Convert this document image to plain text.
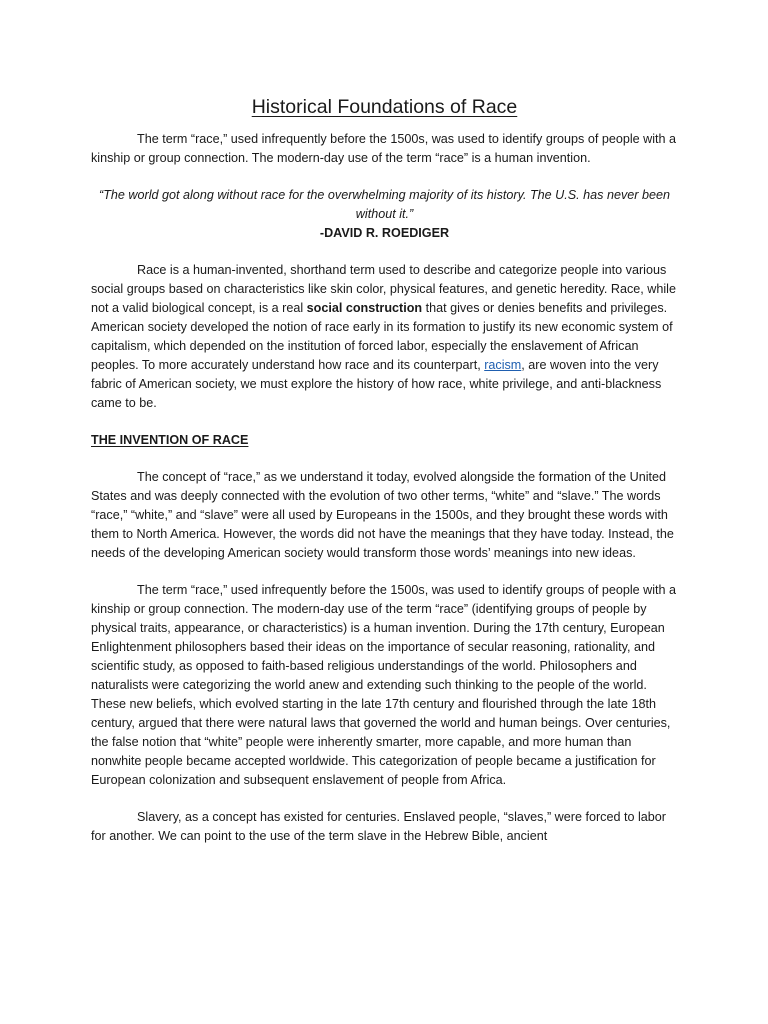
Historical Foundations of Race

The term “race,” used infrequently before the 1500s, was used to identify groups of people with a kinship or group connection. The modern-day use of the term “race” is a human invention.

“The world got along without race for the overwhelming majority of its history. The U.S. has never been without it.”

-DAVID R. ROEDIGER

Race is a human-invented, shorthand term used to describe and categorize people into various social groups based on characteristics like skin color, physical features, and genetic heredity. Race, while not a valid biological concept, is a real social construction that gives or denies benefits and privileges. American society developed the notion of race early in its formation to justify its new economic system of capitalism, which depended on the institution of forced labor, especially the enslavement of African peoples. To more accurately understand how race and its counterpart, racism, are woven into the very fabric of American society, we must explore the history of how race, white privilege, and anti-blackness came to be.

THE INVENTION OF RACE

The concept of “race,” as we understand it today, evolved alongside the formation of the United States and was deeply connected with the evolution of two other terms, “white” and “slave.” The words “race,” “white,” and “slave” were all used by Europeans in the 1500s, and they brought these words with them to North America. However, the words did not have the meanings that they have today. Instead, the needs of the developing American society would transform those words’ meanings into new ideas.

The term “race,” used infrequently before the 1500s, was used to identify groups of people with a kinship or group connection. The modern-day use of the term “race” (identifying groups of people by physical traits, appearance, or characteristics) is a human invention. During the 17th century, European Enlightenment philosophers based their ideas on the importance of secular reasoning, rationality, and scientific study, as opposed to faith-based religious understandings of the world. Philosophers and naturalists were categorizing the world anew and extending such thinking to the people of the world. These new beliefs, which evolved starting in the late 17th century and flourished through the late 18th century, argued that there were natural laws that governed the world and human beings. Over centuries, the false notion that “white” people were inherently smarter, more capable, and more human than nonwhite people became accepted worldwide. This categorization of people became a justification for European colonization and subsequent enslavement of people from Africa.

Slavery, as a concept has existed for centuries. Enslaved people, “slaves,” were forced to labor for another. We can point to the use of the term slave in the Hebrew Bible, ancient
